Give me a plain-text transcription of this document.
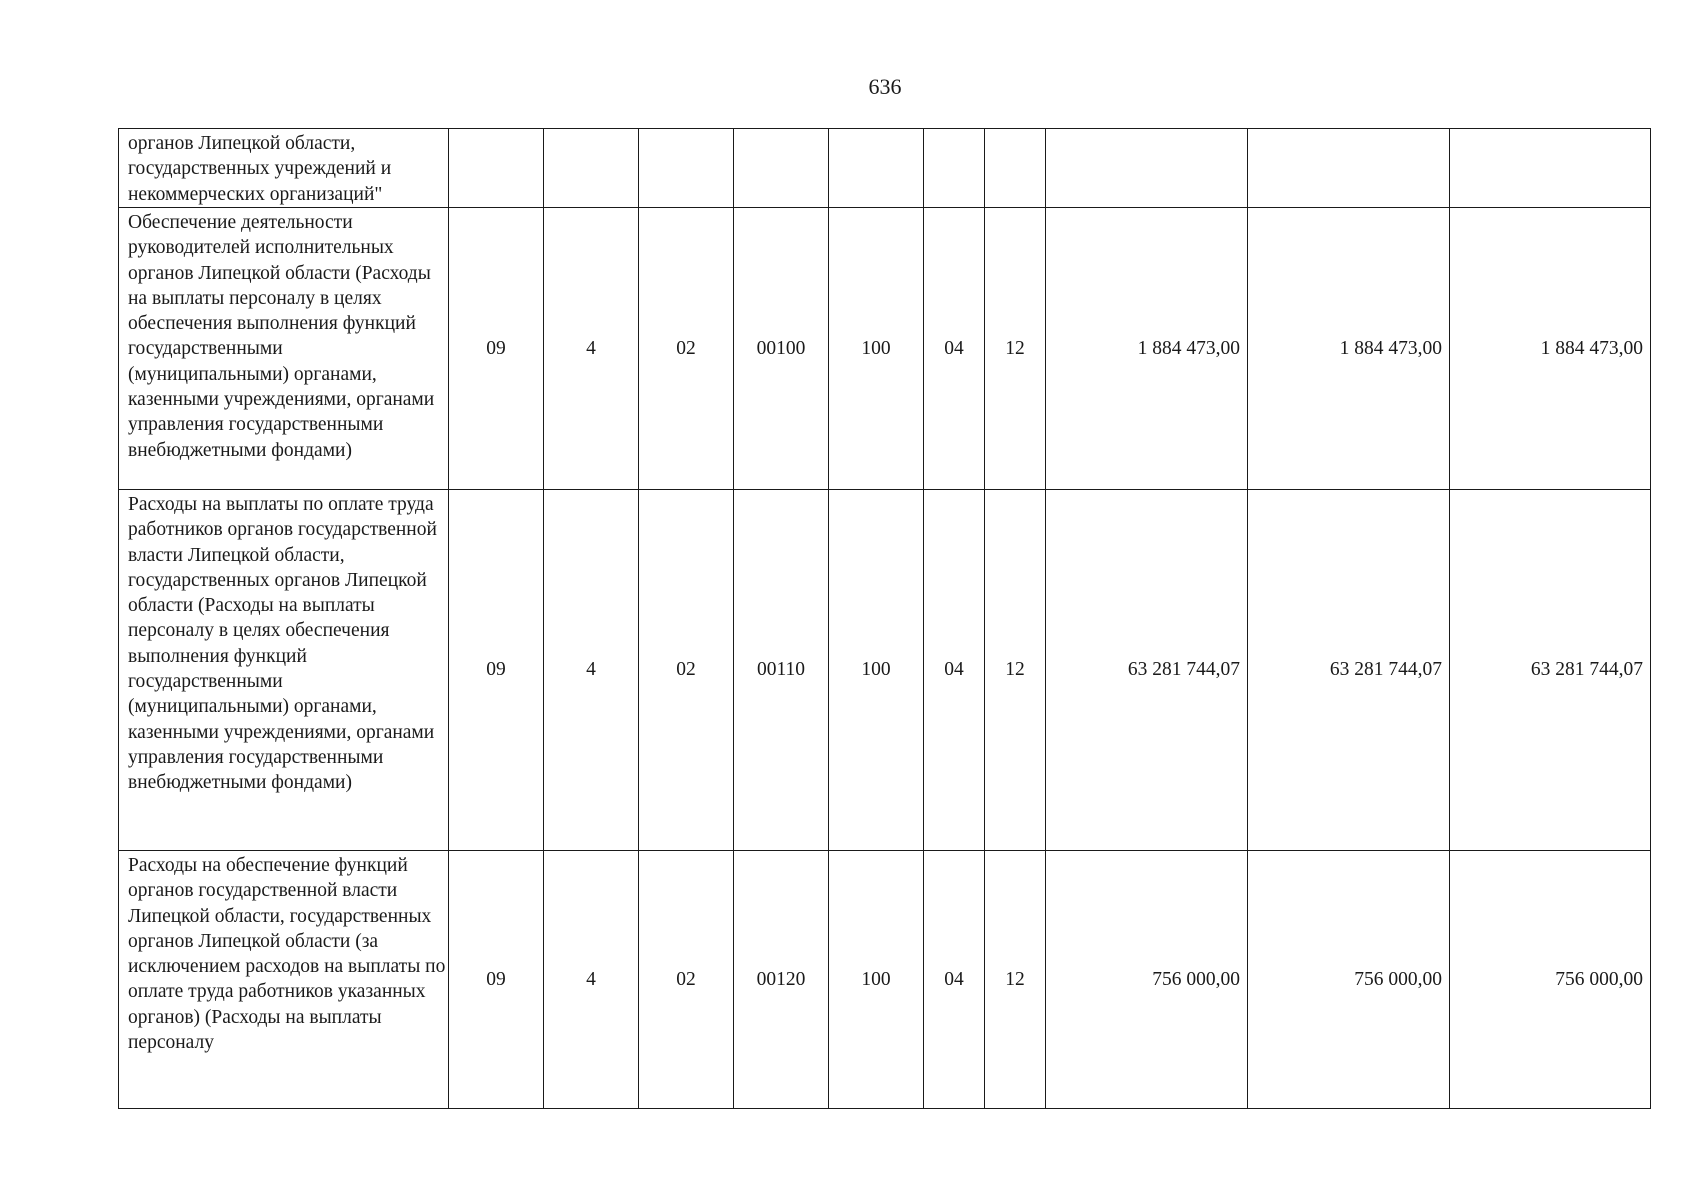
636
органов Липецкой области, государственных учреждений и некоммерческих организаций"										
Обеспечение деятельности руководителей исполнительных органов Липецкой области (Расходы на выплаты персоналу в целях обеспечения выполнения функций государственными (муниципальными) органами, казенными учреждениями, органами управления государственными внебюджетными фондами)	09	4	02	00100	100	04	12	1 884 473,00	1 884 473,00	1 884 473,00
Расходы на выплаты по оплате труда работников органов государственной власти Липецкой области, государственных органов Липецкой области (Расходы на выплаты персоналу в целях обеспечения выполнения функций государственными (муниципальными) органами, казенными учреждениями, органами управления государственными внебюджетными фондами)	09	4	02	00110	100	04	12	63 281 744,07	63 281 744,07	63 281 744,07
Расходы на обеспечение функций органов государственной власти Липецкой области, государственных органов Липецкой области (за исключением расходов на выплаты по оплате труда работников указанных органов) (Расходы на выплаты персоналу	09	4	02	00120	100	04	12	756 000,00	756 000,00	756 000,00
